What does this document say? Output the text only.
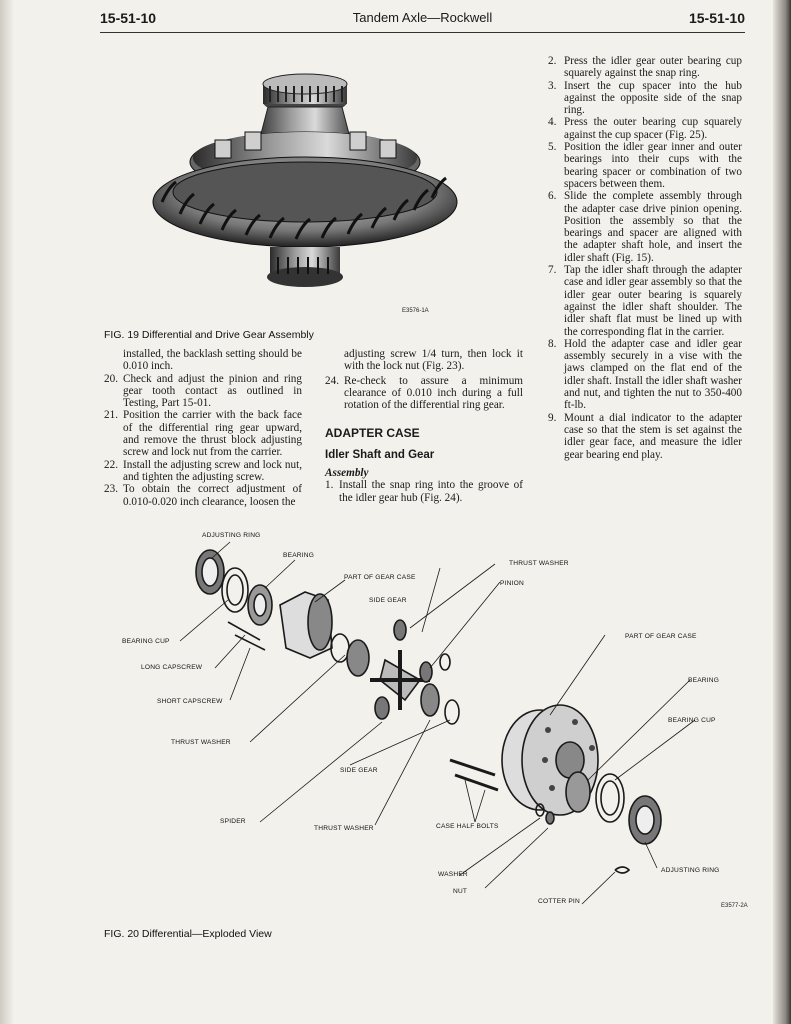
15-51-10	Tandem Axle—Rockwell	15-51-10
E3576-1A
FIG. 19 Differential and Drive Gear Assembly

installed, the backlash setting should be 0.010 inch.

20. Check and adjust the pinion and ring gear tooth contact as outlined in Testing, Part 15-01.
21. Position the carrier with the back face of the differential ring gear upward, and remove the thrust block adjusting screw and lock nut from the carrier.
22. Install the adjusting screw and lock nut, and tighten the adjusting screw.
23. To obtain the correct adjustment of 0.010-0.020 inch clearance, loosen the

adjusting screw 1/4 turn, then lock it with the lock nut (Fig. 23).

24. Re-check to assure a minimum clearance of 0.010 inch during a full rotation of the differential ring gear.
ADAPTER CASE
Idler Shaft and Gear
Assembly
1. Install the snap ring into the groove of the idler gear hub (Fig. 24).
2. Press the idler gear outer bearing cup squarely against the snap ring.
3. Insert the cup spacer into the hub against the opposite side of the snap ring.
4. Press the outer bearing cup squarely against the cup spacer (Fig. 25).
5. Position the idler gear inner and outer bearings into their cups with the bearing spacer or combination of two spacers between them.
6. Slide the complete assembly through the adapter case drive pinion opening. Position the assembly so that the bearings and spacer are aligned with the adapter shaft hole, and insert the idler shaft (Fig. 15).
7. Tap the idler shaft through the adapter case and idler gear assembly so that the idler gear outer bearing is squarely against the idler shaft shoulder. The idler shaft flat must be lined up with the corresponding flat in the carrier.
8. Hold the adapter case and idler gear assembly securely in a vise with the jaws clamped on the flat end of the idler shaft. Install the idler shaft washer and nut, and tighten the nut to 350-400 ft-lb.
9. Mount a dial indicator to the adapter case so that the stem is set against the idler gear face, and measure the idler gear bearing end play.
ADJUSTING RING
BEARING
THRUST WASHER
PART OF GEAR CASE
PINION
SIDE GEAR
PART OF GEAR CASE
BEARING CUP
LONG CAPSCREW
BEARING
SHORT CAPSCREW
BEARING CUP
THRUST WASHER
SIDE GEAR
SPIDER
THRUST WASHER	CASE HALF BOLTS
WASHER
ADJUSTING RING
NUT
COTTER PIN
E3577-2A
FIG. 20 Differential—Exploded View
